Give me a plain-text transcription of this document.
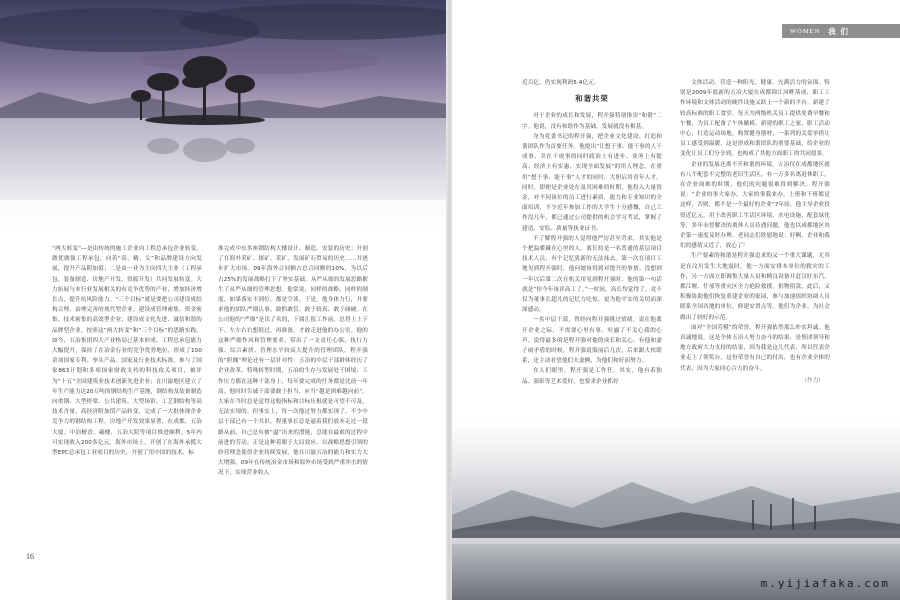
“两大转变”—是由传统的施工企业向工程总承包企业转变，做优做强工程承包，向着“高、精、尖”和品牌建设方向发展，提升产品附加值；二是由一业为主向四大主业（工程承包、装备制造、房地产开发、资源开发）共同发展转变。大力拓展与本行业发展相关的有竞争优势的产业，增加经济增长点，提升抗风险能力。“三个目标”就是要把公司建设成结构合理、治理完善的现代型企业；建设成管理密集、资金密集、技术密集的高效型企业；建设成文化先进、诚信和谐的品牌型企业。按照这“两大转变”和“三个目标”的思路实践，如今，五冶集团四大产业格局已基本形成。工程总承包能力大幅提升，保持了在冶金行业的竞争优势地位，形成了100余项国家专利、拳头产品。国家及行业技术标准，参与了国家863计划和多项国家财政支持的科技攻关项目，被评为“十五”全国建筑业技术创新先进企业；在川渝地区建立了年生产能力达20万吨的钢结构生产基地，钢结构及装备制造向重钢、大型桥梁、公共建筑、大型场馆、工艺钢结构等高技术含量、高经济附加值产品转变，完成了一大批体现企业竞争力的钢结构工程。房地产开发效果显著，在成都，五冶大厦、中冶檀香、羲楼、五冶大院等项目推进顺利。5年内可实现收入200多亿元。海外市场上，开创了在海外承揽大型EPC总承包工业项目的历史，开创了用中国的技术、标
准完成中东多座钢结构大楼设计、制造、安装的历史；开创了在海外采矿、探矿、采矿、发展矿石贸易的历史……并逐步扩大市场。09年海外合同额占总合同额的10%，为以后占25%的发展战略打下了坚实基础。从严从细的发展思路催生了从严从细的管理思想。他常说，同样的战略、同样的制度、如果落实不到位，都是空谈。于是，他身体力行，并要求他的团队严细认事、敢抓敢管、敢于较真、敢于碰硬。在公司他的“严细”是出了名的，下属汇报工作前，总得上上下下、左左右右想很过，再准备，才敢走进他的办公室。他的这种严细作风和管理要求，带出了一支责任心强、执行力强、综合素质、管理水平较高大提升的管理团队。程开强的“胆魄”理论还有一层针对性：五冶的中层干部群体经历了企业改革、特殊转型时期，五冶的生存与发展处于困境、工作压力都在这种干部身上，每年要完成的任务都是比前一年高。他时时告诫干部要敢于担当，应当“越是困难越向前”。大家在当时总是觉得这般指标和目标压根就是可望不可及，无法实现的。但事实上，每一次他过努力都实现了，不少中层干部已有一个共识，程董事长总是逼着我们放弃走过一段路从前，自己总有被“逼”出来的潜能，总能在最艰的过程中前进的劳动。正是这种着眼于大局效应、以战略思想引领的经营理念使得企业持续发展，他在川渝五冶的能力和实力大大增强，09年在传统冶金市场和海外市场受到严重冲击的情况下，实现营业收入
16
WOMEN 我 们

近百亿，仍实现利润5.4亿元。

和谐共荣

对于企业的成长和发展，程开强特别推崇“和谐”二字。他说，没有和谐作为基础，发展就没有根基。

身为党委书记的程开强，把企业文化建设、打造和谐团队作为首要任务。他提出“让想干事、能干事的人干成事，并在干成事的同时政治上有进步、业务上有提高、经济上有实惠、实现全面发展”的用人理念。在重用“想干事、能干事”人才的同时，大胆启用青年人才。同时，即便是企业处在及其困难的时期，他投入大量资金，对不同岗位的员工进行素质、能力和专业知识的全面培训，不少近年参加工作的大学生十分感慨，自己工作没几年，都已通过公司提供的机会学习考试，掌握了建造、安监、质量等执业证书。

不了解程开强的人觉得他严厉甚至苛求，其实他是个把温暖藏在心里的人。离长持是一名普通的基层项目技术人员，有个记忆犹新的无法抹去。第一次在项目工地见到程开强时，他问她该得到对提升的事情。没想到一年以后第二次在机关用见到程开强时，他的第一句话就是“你今年该评高工了。”一时间，高长均觉得了，竟不仅为董事长超凡的记忆力吃惊，更为他平实的关切而深深感动。

一名中层干部，曾经向程开强挑过情绪，说在他离开企业之际，不需要心里有事、吐露了不关心我的心声。说得最多的是程开强对他的成长和关心。有他和妻子闹矛盾的时候，程开强说服前后几次，后来跟大伙联系，还主动看望他们夫妻俩，为他们和好而努力。

在人们眼里，程开强是工作狂。其实，他有着独品、强影等艺术爱好，也要求企业抓好

文体活动、营造一种阳光、健康、充满活力的氛围。特别是2009年底新的五冶大厦在成都锦江河畔落成，职工工作环境和文体活动的硬件设施又跃上一个新的平台。新建了较高标准的职工食堂，每天为两级机关员工提供免费早餐和午餐，为员工配备了午休躺椅，新建的职工之家、职工活动中心，打造运动场地，购置健身器材，一系列的关爱举措让员工感受到温暖，这是形成和谐团队的重要基础，给企业的变化让员工们分享到，也构成了其他方面职工的共同愿景。

企业的发展还离不开和谐的环境。五冶仅在成都地区就有八个配套不完整的老旧生活区，有一万多名离退休职工。在企业面难的时期，他们的问题很难得到解决。程开强说：“企业的事大家办，大家的事我来办，上班和下班都是这样，否则，都不是一个最好的企业”7年间，他主导企业投资近亿元，用于改善职工生活区环境、水电设施、配套绿化等，多年未曾解决的离休人员待遇问题，他也以成都地区央企第一速度及时办理。老同志们欣慰地说：好啊，企业和我们的感情又近了，放心了！

生产要素的和谐是程开强追求的又一个重大课题，尤其是在汶川发生大地震时，他一方面安排本单位的救灾的工作，另一方面立即调集大量人员和精良设备并赶汉旺东汽、都江堰、什邡等重灾区全力抢险救援，捐物捐款。此后，又积极协助他们恢复重建企业的家园，参与加速组织协调人员联系全国各地的单位，修建安置点等。他们为企业、为社会做出了较好的示范。

面对“全国劳模”的荣誉，程开强依然那么朴实坦诚。他真诚地说，这是全体五冶人努力奋斗的结果，是集团领导和地方政府大力支持的结果，因为我是这儿代表，所以代表企业走上了领奖台，这份荣誉有自己的付出，也有企业全体的代表，因为大家同心合力的奋斗。

（作力）

m.yijiafaka.com
